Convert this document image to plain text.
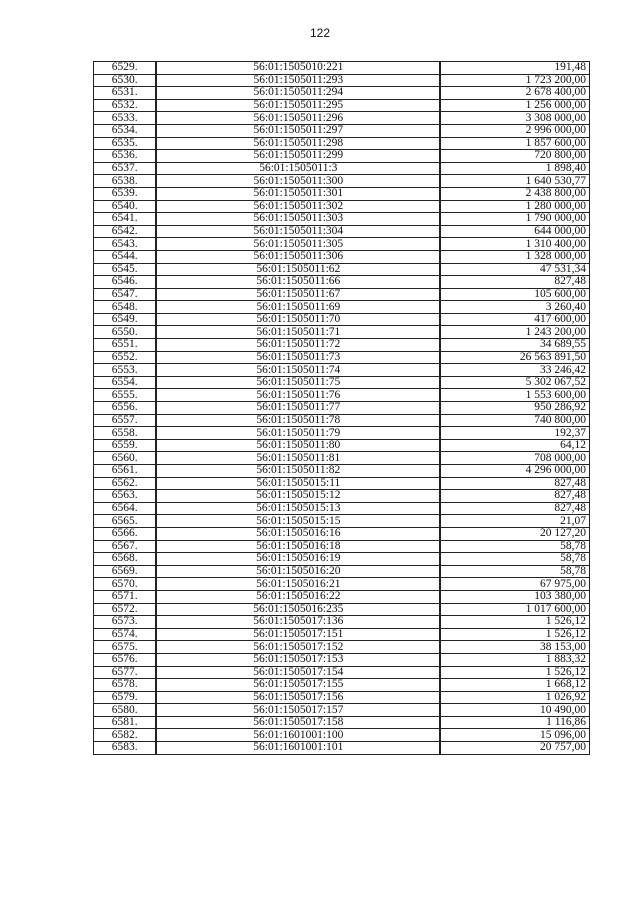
122
6529.		56:01:1505010:221		191,48
6530.		56:01:1505011:293		1 723 200,00
6531.		56:01:1505011:294		2 678 400,00
6532.		56:01:1505011:295		1 256 000,00
6533.		56:01:1505011:296		3 308 000,00
6534.		56:01:1505011:297		2 996 000,00
6535.		56:01:1505011:298		1 857 600,00
6536.		56:01:1505011:299		720 800,00
6537.		56:01:1505011:3		1 898,40
6538.		56:01:1505011:300		1 640 530,77
6539.		56:01:1505011:301		2 438 800,00
6540.		56:01:1505011:302		1 280 000,00
6541.		56:01:1505011:303		1 790 000,00
6542.		56:01:1505011:304		644 000,00
6543.		56:01:1505011:305		1 310 400,00
6544.		56:01:1505011:306		1 328 000,00
6545.		56:01:1505011:62		47 531,34
6546.		56:01:1505011:66		827,48
6547.		56:01:1505011:67		105 600,00
6548.		56:01:1505011:69		3 260,40
6549.		56:01:1505011:70		417 600,00
6550.		56:01:1505011:71		1 243 200,00
6551.		56:01:1505011:72		34 689,55
6552.		56:01:1505011:73		26 563 891,50
6553.		56:01:1505011:74		33 246,42
6554.		56:01:1505011:75		5 302 067,52
6555.		56:01:1505011:76		1 553 600,00
6556.		56:01:1505011:77		950 286,92
6557.		56:01:1505011:78		740 800,00
6558.		56:01:1505011:79		192,37
6559.		56:01:1505011:80		64,12
6560.		56:01:1505011:81		708 000,00
6561.		56:01:1505011:82		4 296 000,00
6562.		56:01:1505015:11		827,48
6563.		56:01:1505015:12		827,48
6564.		56:01:1505015:13		827,48
6565.		56:01:1505015:15		21,07
6566.		56:01:1505016:16		20 127,20
6567.		56:01:1505016:18		58,78
6568.		56:01:1505016:19		58,78
6569.		56:01:1505016:20		58,78
6570.		56:01:1505016:21		67 975,00
6571.		56:01:1505016:22		103 380,00
6572.		56:01:1505016:235		1 017 600,00
6573.		56:01:1505017:136		1 526,12
6574.		56:01:1505017:151		1 526,12
6575.		56:01:1505017:152		38 153,00
6576.		56:01:1505017:153		1 883,32
6577.		56:01:1505017:154		1 526,12
6578.		56:01:1505017:155		1 668,12
6579.		56:01:1505017:156		1 026,92
6580.		56:01:1505017:157		10 490,00
6581.		56:01:1505017:158		1 116,86
6582.		56:01:1601001:100		15 096,00
6583.		56:01:1601001:101		20 757,00
